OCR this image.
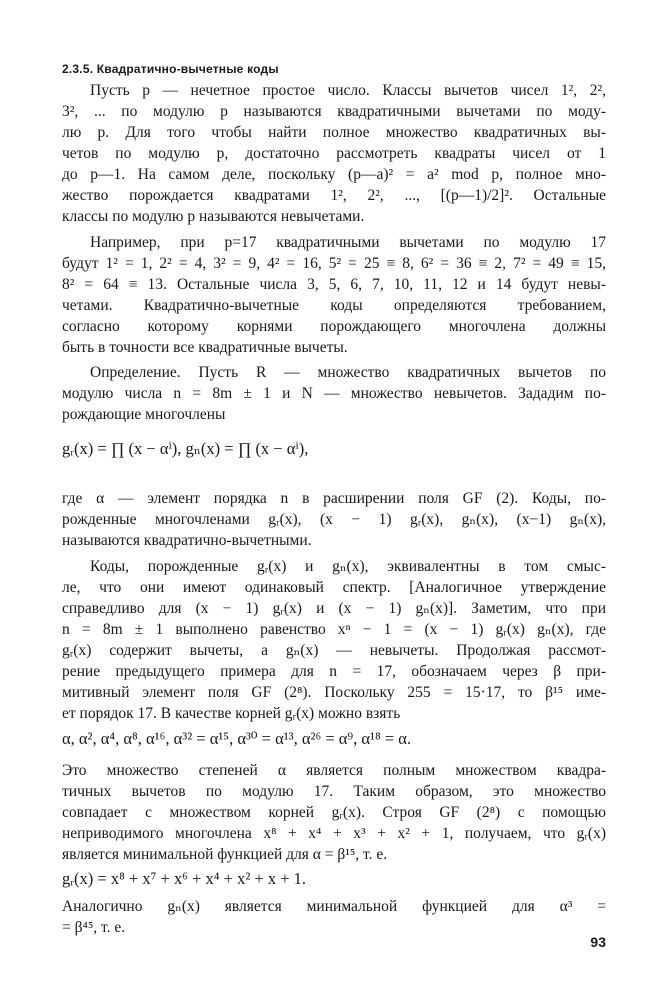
2.3.5. Квадратично-вычетные коды
Пусть p — нечетное простое число. Классы вычетов чисел 1², 2²,
3², ... по модулю p называются квадратичными вычетами по моду-
лю p. Для того чтобы найти полное множество квадратичных вы-
четов по модулю p, достаточно рассмотреть квадраты чисел от 1
до p—1. На самом деле, поскольку (p—a)² = a² mod p, полное мно-
жество порождается квадратами 1², 2², ..., [(p—1)/2]². Остальные
классы по модулю p называются невычетами.
Например, при p=17 квадратичными вычетами по модулю 17
будут 1² = 1, 2² = 4, 3² = 9, 4² = 16, 5² = 25 ≡ 8, 6² = 36 ≡ 2, 7² = 49 ≡ 15,
8² = 64 ≡ 13. Остальные числа 3, 5, 6, 7, 10, 11, 12 и 14 будут невы-
четами. Квадратично-вычетные коды определяются требованием,
согласно которому корнями порождающего многочлена должны
быть в точности все квадратичные вычеты.
Определение. Пусть R — множество квадратичных вычетов по
модулю числа n = 8m ± 1 и N — множество невычетов. Зададим по-
рождающие многочлены
gᵣ(x) = ∏ (x − αⁱ), gₙ(x) = ∏ (x − αⁱ),
где α — элемент порядка n в расширении поля GF (2). Коды, по-
рожденные многочленами gᵣ(x), (x − 1) gᵣ(x), gₙ(x), (x−1) gₙ(x),
называются квадратично-вычетными.
Коды, порожденные gᵣ(x) и gₙ(x), эквивалентны в том смыс-
ле, что они имеют одинаковый спектр. [Аналогичное утверждение
справедливо для (x − 1) gᵣ(x) и (x − 1) gₙ(x)]. Заметим, что при
n = 8m ± 1 выполнено равенство xⁿ − 1 = (x − 1) gᵣ(x) gₙ(x), где
gᵣ(x) содержит вычеты, а gₙ(x) — невычеты. Продолжая рассмот-
рение предыдущего примера для n = 17, обозначаем через β при-
митивный элемент поля GF (2⁸). Поскольку 255 = 15·17, то β¹⁵ име-
ет порядок 17. В качестве корней gᵣ(x) можно взять
α, α², α⁴, α⁸, α¹⁶, α³² = α¹⁵, α³⁰ = α¹³, α²⁶ = α⁹, α¹⁸ = α.
Это множество степеней α является полным множеством квадра-
тичных вычетов по модулю 17. Таким образом, это множество
совпадает с множеством корней gᵣ(x). Строя GF (2⁸) с помощью
неприводимого многочлена x⁸ + x⁴ + x³ + x² + 1, получаем, что gᵣ(x)
является минимальной функцией для α = β¹⁵, т. е.
gᵣ(x) = x⁸ + x⁷ + x⁶ + x⁴ + x² + x + 1.
Аналогично gₙ(x) является минимальной функцией для α³ =
= β⁴⁵, т. е.
93
